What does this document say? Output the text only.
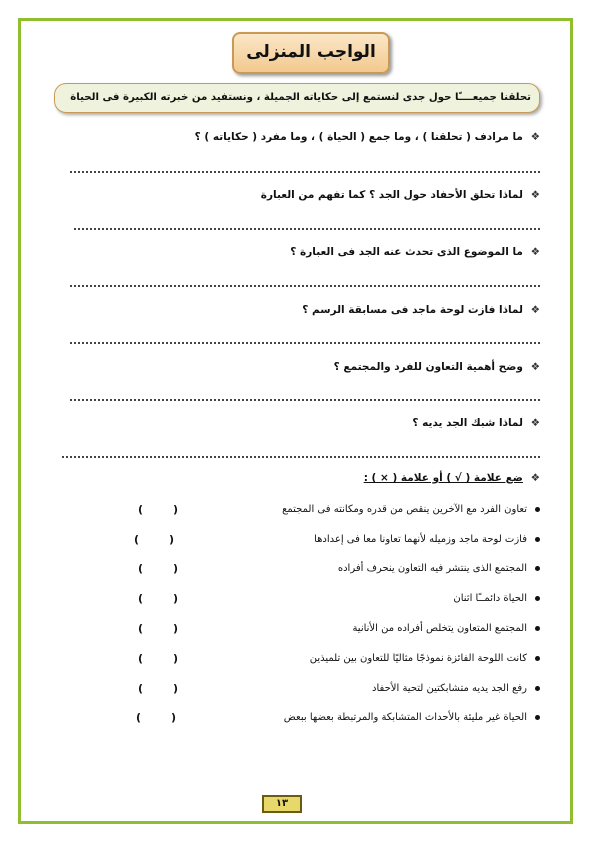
الواجب المنزلى
تحلقنا جميعــــًا حول جدى لنستمع إلى حكاياته الجميلة ، ونستفيد من خبرته الكبيرة فى الحياة
❖ ما مرادف ( تحلقنا ) ، وما جمع ( الحياة ) ، وما مفرد ( حكاياته ) ؟
❖ لماذا تحلق الأحفاد حول الجد ؟ كما تفهم من العبارة
❖ ما الموضوع الذى تحدث عنه الجد فى العبارة ؟
❖ لماذا فازت لوحة ماجد فى مسابقة الرسم ؟
❖ وضح أهمية التعاون للفرد والمجتمع ؟
❖ لماذا شبك الجد يديه ؟
❖ ضع علامة ( √ ) أو علامة ( × ) :
تعاون الفرد مع الآخرين ينقص من قدره ومكانته فى المجتمع
(	)
فازت لوحة ماجد وزميله لأنهما تعاونا معا فى إعدادها
(	)
المجتمع الذى ينتشر فيه التعاون ينحرف أفراده
(	)
الحياة دائمــًا اثنان
(	)
المجتمع المتعاون يتخلص أفراده من الأنانية
(	)
كانت اللوحة الفائزة نموذجًا مثاليًا للتعاون بين تلميذين
(	)
رفع الجد يديه متشابكتين لتحية الأحفاد
(	)
الحياة غير مليئة بالأحداث المتشابكة والمرتبطة بعضها ببعض
(	)
١٣
